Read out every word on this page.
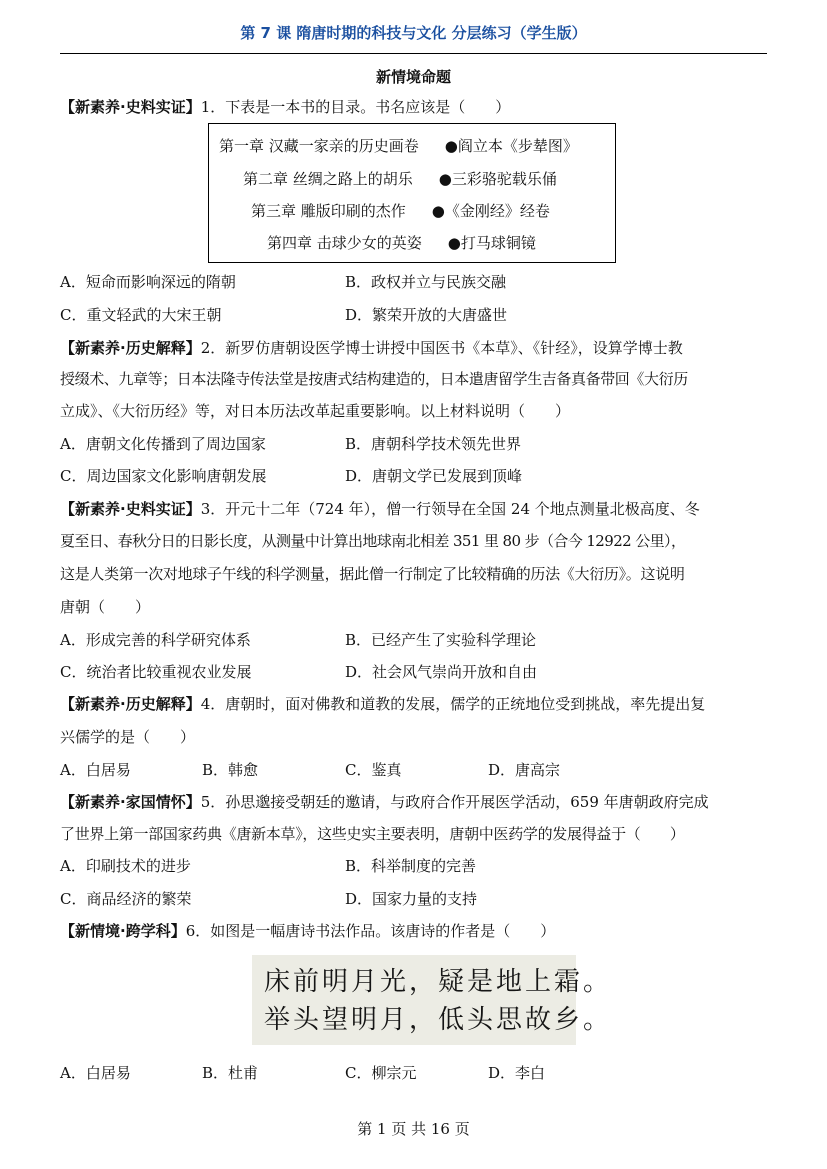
第 7 课 隋唐时期的科技与文化 分层练习（学生版）
新情境命题
【新素养·史料实证】1．下表是一本书的目录。书名应该是（　　）
第一章 汉藏一家亲的历史画卷 ●阎立本《步辇图》
第二章 丝绸之路上的胡乐 ●三彩骆驼载乐俑
第三章 雕版印刷的杰作 ●《金刚经》经卷
第四章 击球少女的英姿 ●打马球铜镜
A．短命而影响深远的隋朝	B．政权并立与民族交融
C．重文轻武的大宋王朝	D．繁荣开放的大唐盛世
【新素养·历史解释】2．新罗仿唐朝设医学博士讲授中国医书《本草》、《针经》，设算学博士教
授缀术、九章等；日本法隆寺传法堂是按唐式结构建造的，日本遣唐留学生吉备真备带回《大衍历
立成》、《大衍历经》等，对日本历法改革起重要影响。以上材料说明（　　）
A．唐朝文化传播到了周边国家	B．唐朝科学技术领先世界
C．周边国家文化影响唐朝发展	D．唐朝文学已发展到顶峰
【新素养·史料实证】3．开元十二年（724 年），僧一行领导在全国 24 个地点测量北极高度、冬
夏至日、春秋分日的日影长度，从测量中计算出地球南北相差 351 里 80 步（合今 12922 公里），
这是人类第一次对地球子午线的科学测量，据此僧一行制定了比较精确的历法《大衍历》。这说明
唐朝（　　）
A．形成完善的科学研究体系	B．已经产生了实验科学理论
C．统治者比较重视农业发展	D．社会风气崇尚开放和自由
【新素养·历史解释】4．唐朝时，面对佛教和道教的发展，儒学的正统地位受到挑战，率先提出复
兴儒学的是（　　）
A．白居易	B．韩愈	C．鉴真	D．唐高宗
【新素养·家国情怀】5．孙思邈接受朝廷的邀请，与政府合作开展医学活动，659 年唐朝政府完成
了世界上第一部国家药典《唐新本草》，这些史实主要表明，唐朝中医药学的发展得益于（　　）
A．印刷技术的进步	B．科举制度的完善
C．商品经济的繁荣	D．国家力量的支持
【新情境·跨学科】6．如图是一幅唐诗书法作品。该唐诗的作者是（　　）
床前明月光，疑是地上霜。
举头望明月，低头思故乡。
A．白居易	B．杜甫	C．柳宗元	D．李白
第 1 页 共 16 页
